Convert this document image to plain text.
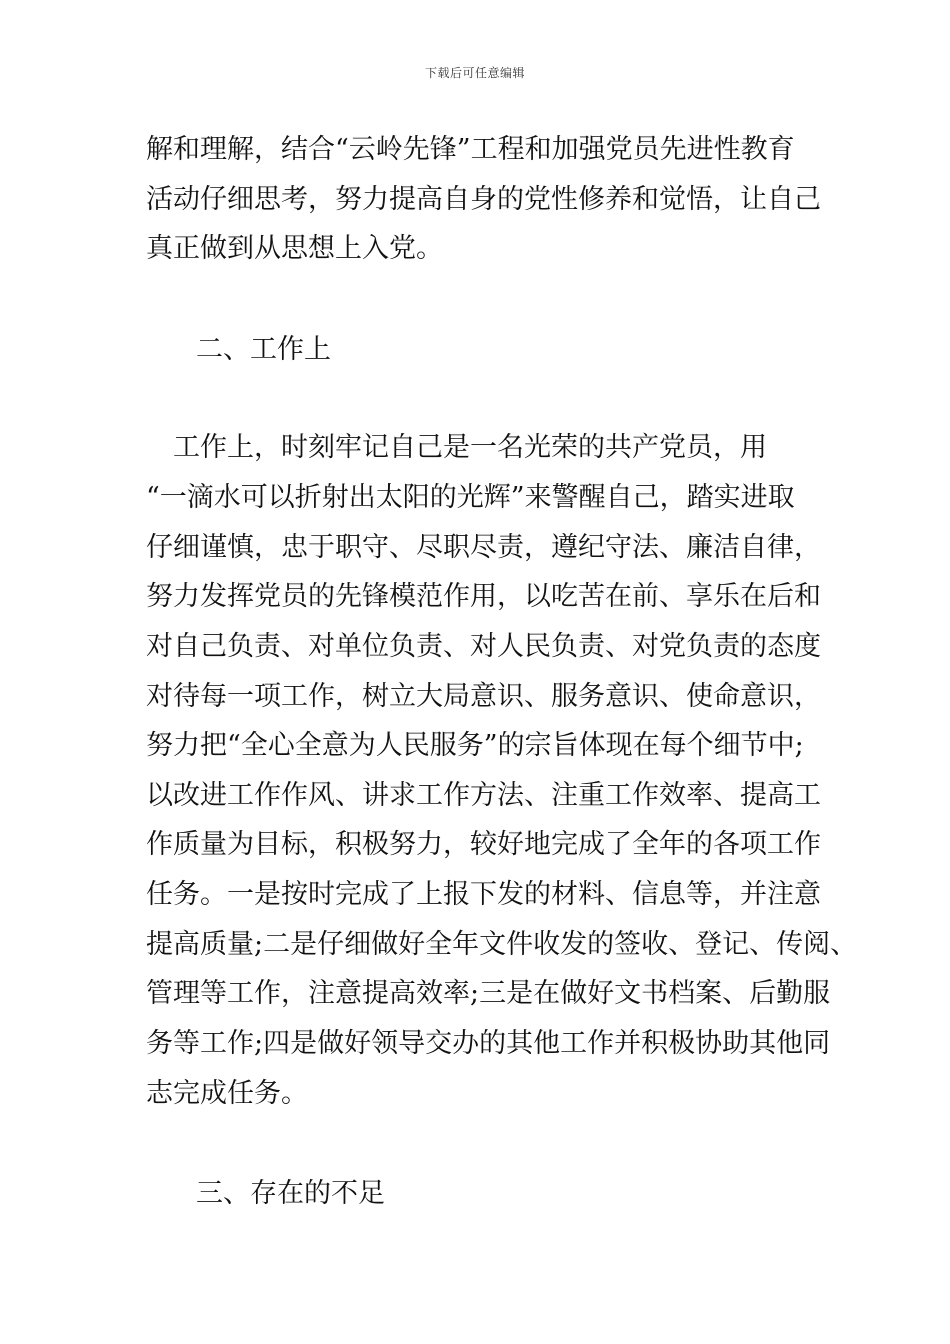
下载后可任意编辑
解和理解，结合“云岭先锋”工程和加强党员先进性教育
活动仔细思考，努力提高自身的党性修养和觉悟，让自己
真正做到从思想上入党。
二、工作上
　工作上，时刻牢记自己是一名光荣的共产党员，用
“一滴水可以折射出太阳的光辉”来警醒自己，踏实进取
仔细谨慎，忠于职守、尽职尽责，遵纪守法、廉洁自律，
努力发挥党员的先锋模范作用，以吃苦在前、享乐在后和
对自己负责、对单位负责、对人民负责、对党负责的态度
对待每一项工作，树立大局意识、服务意识、使命意识，
努力把“全心全意为人民服务”的宗旨体现在每个细节中;
以改进工作作风、讲求工作方法、注重工作效率、提高工
作质量为目标，积极努力，较好地完成了全年的各项工作
任务。一是按时完成了上报下发的材料、信息等，并注意
提高质量;二是仔细做好全年文件收发的签收、登记、传阅、
管理等工作，注意提高效率;三是在做好文书档案、后勤服
务等工作;四是做好领导交办的其他工作并积极协助其他同
志完成任务。
三、存在的不足
